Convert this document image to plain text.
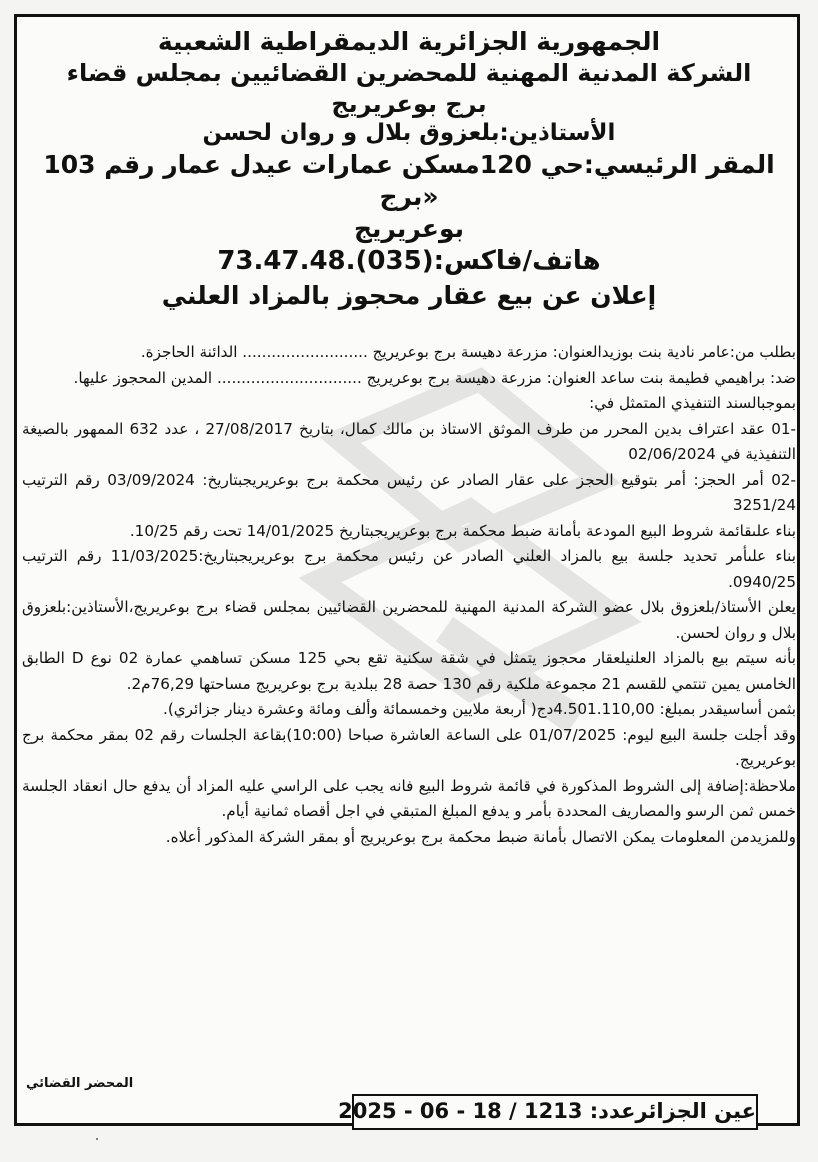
الجمهورية الجزائرية الديمقراطية الشعبية
الشركة المدنية المهنية للمحضرين القضائيين بمجلس قضاء
برج بوعريريج
الأستاذين:بلعزوق بلال و روان لحسن
المقر الرئيسي:حي 120مسكن عمارات عيدل عمار رقم 103 «برج
بوعريريج
هاتف/فاكس:(035).73.47.48
إعلان عن بيع عقار محجوز بالمزاد العلني

بطلب من:عامر نادية بنت بوزيدالعنوان: مزرعة دهيسة برج بوعريريج .......................... الدائنة الحاجزة.

ضد: براهيمي فطيمة بنت ساعد العنوان: مزرعة دهيسة برج بوعريريج .............................. المدين المحجوز عليها.

بموجبالسند التنفيذي المتمثل في:

-01 عقد اعتراف بدين المحرر من طرف الموثق الاستاذ بن مالك كمال، بتاريخ 27/08/2017 ، عدد 632 الممهور بالصيغة التنفيذية في 02/06/2024

-02 أمر الحجز: أمر بتوقيع الحجز على عقار الصادر عن رئيس محكمة برج بوعريريجبتاريخ: 03/09/2024 رقم الترتيب 3251/24

بناء علىقائمة شروط البيع المودعة بأمانة ضبط محكمة برج بوعريريجبتاريخ 14/01/2025 تحت رقم 10/25.

بناء علىأمر تحديد جلسة بيع بالمزاد العلني الصادر عن رئيس محكمة برج بوعريريجبتاريخ:11/03/2025 رقم الترتيب 0940/25.

يعلن الأستاذ/بلعزوق بلال عضو الشركة المدنية المهنية للمحضرين القضائيين بمجلس قضاء برج بوعريريج،الأستاذين:بلعزوق بلال و روان لحسن.

بأنه سيتم بيع بالمزاد العلنيلعقار محجوز يتمثل في شقة سكنية تقع بحي 125 مسكن تساهمي عمارة 02 نوع D الطابق الخامس يمين تنتمي للقسم 21 مجموعة ملكية رقم 130 حصة 28 ببلدية برج بوعريريج مساحتها 76,29م2.

بثمن أساسيقدر بمبلغ: 4.501.110,00دج( أربعة ملايين وخمسمائة وألف ومائة وعشرة دينار جزائري).

وقد أجلت جلسة البيع ليوم: 01/07/2025 على الساعة العاشرة صباحا (10:00)بقاعة الجلسات رقم 02 بمقر محكمة برج بوعريريج.

ملاحظة:إضافة إلى الشروط المذكورة في قائمة شروط البيع فانه يجب على الراسي عليه المزاد أن يدفع حال انعقاد الجلسة خمس ثمن الرسو والمصاريف المحددة بأمر و يدفع المبلغ المتبقي في اجل أقصاه ثمانية أيام.

وللمزيدمن المعلومات يمكن الاتصال بأمانة ضبط محكمة برج بوعريريج أو بمقر الشركة المذكور أعلاه.

المحضر القضائي
عين الجزائرعدد: 1213 / 18 - 06 - 2025
